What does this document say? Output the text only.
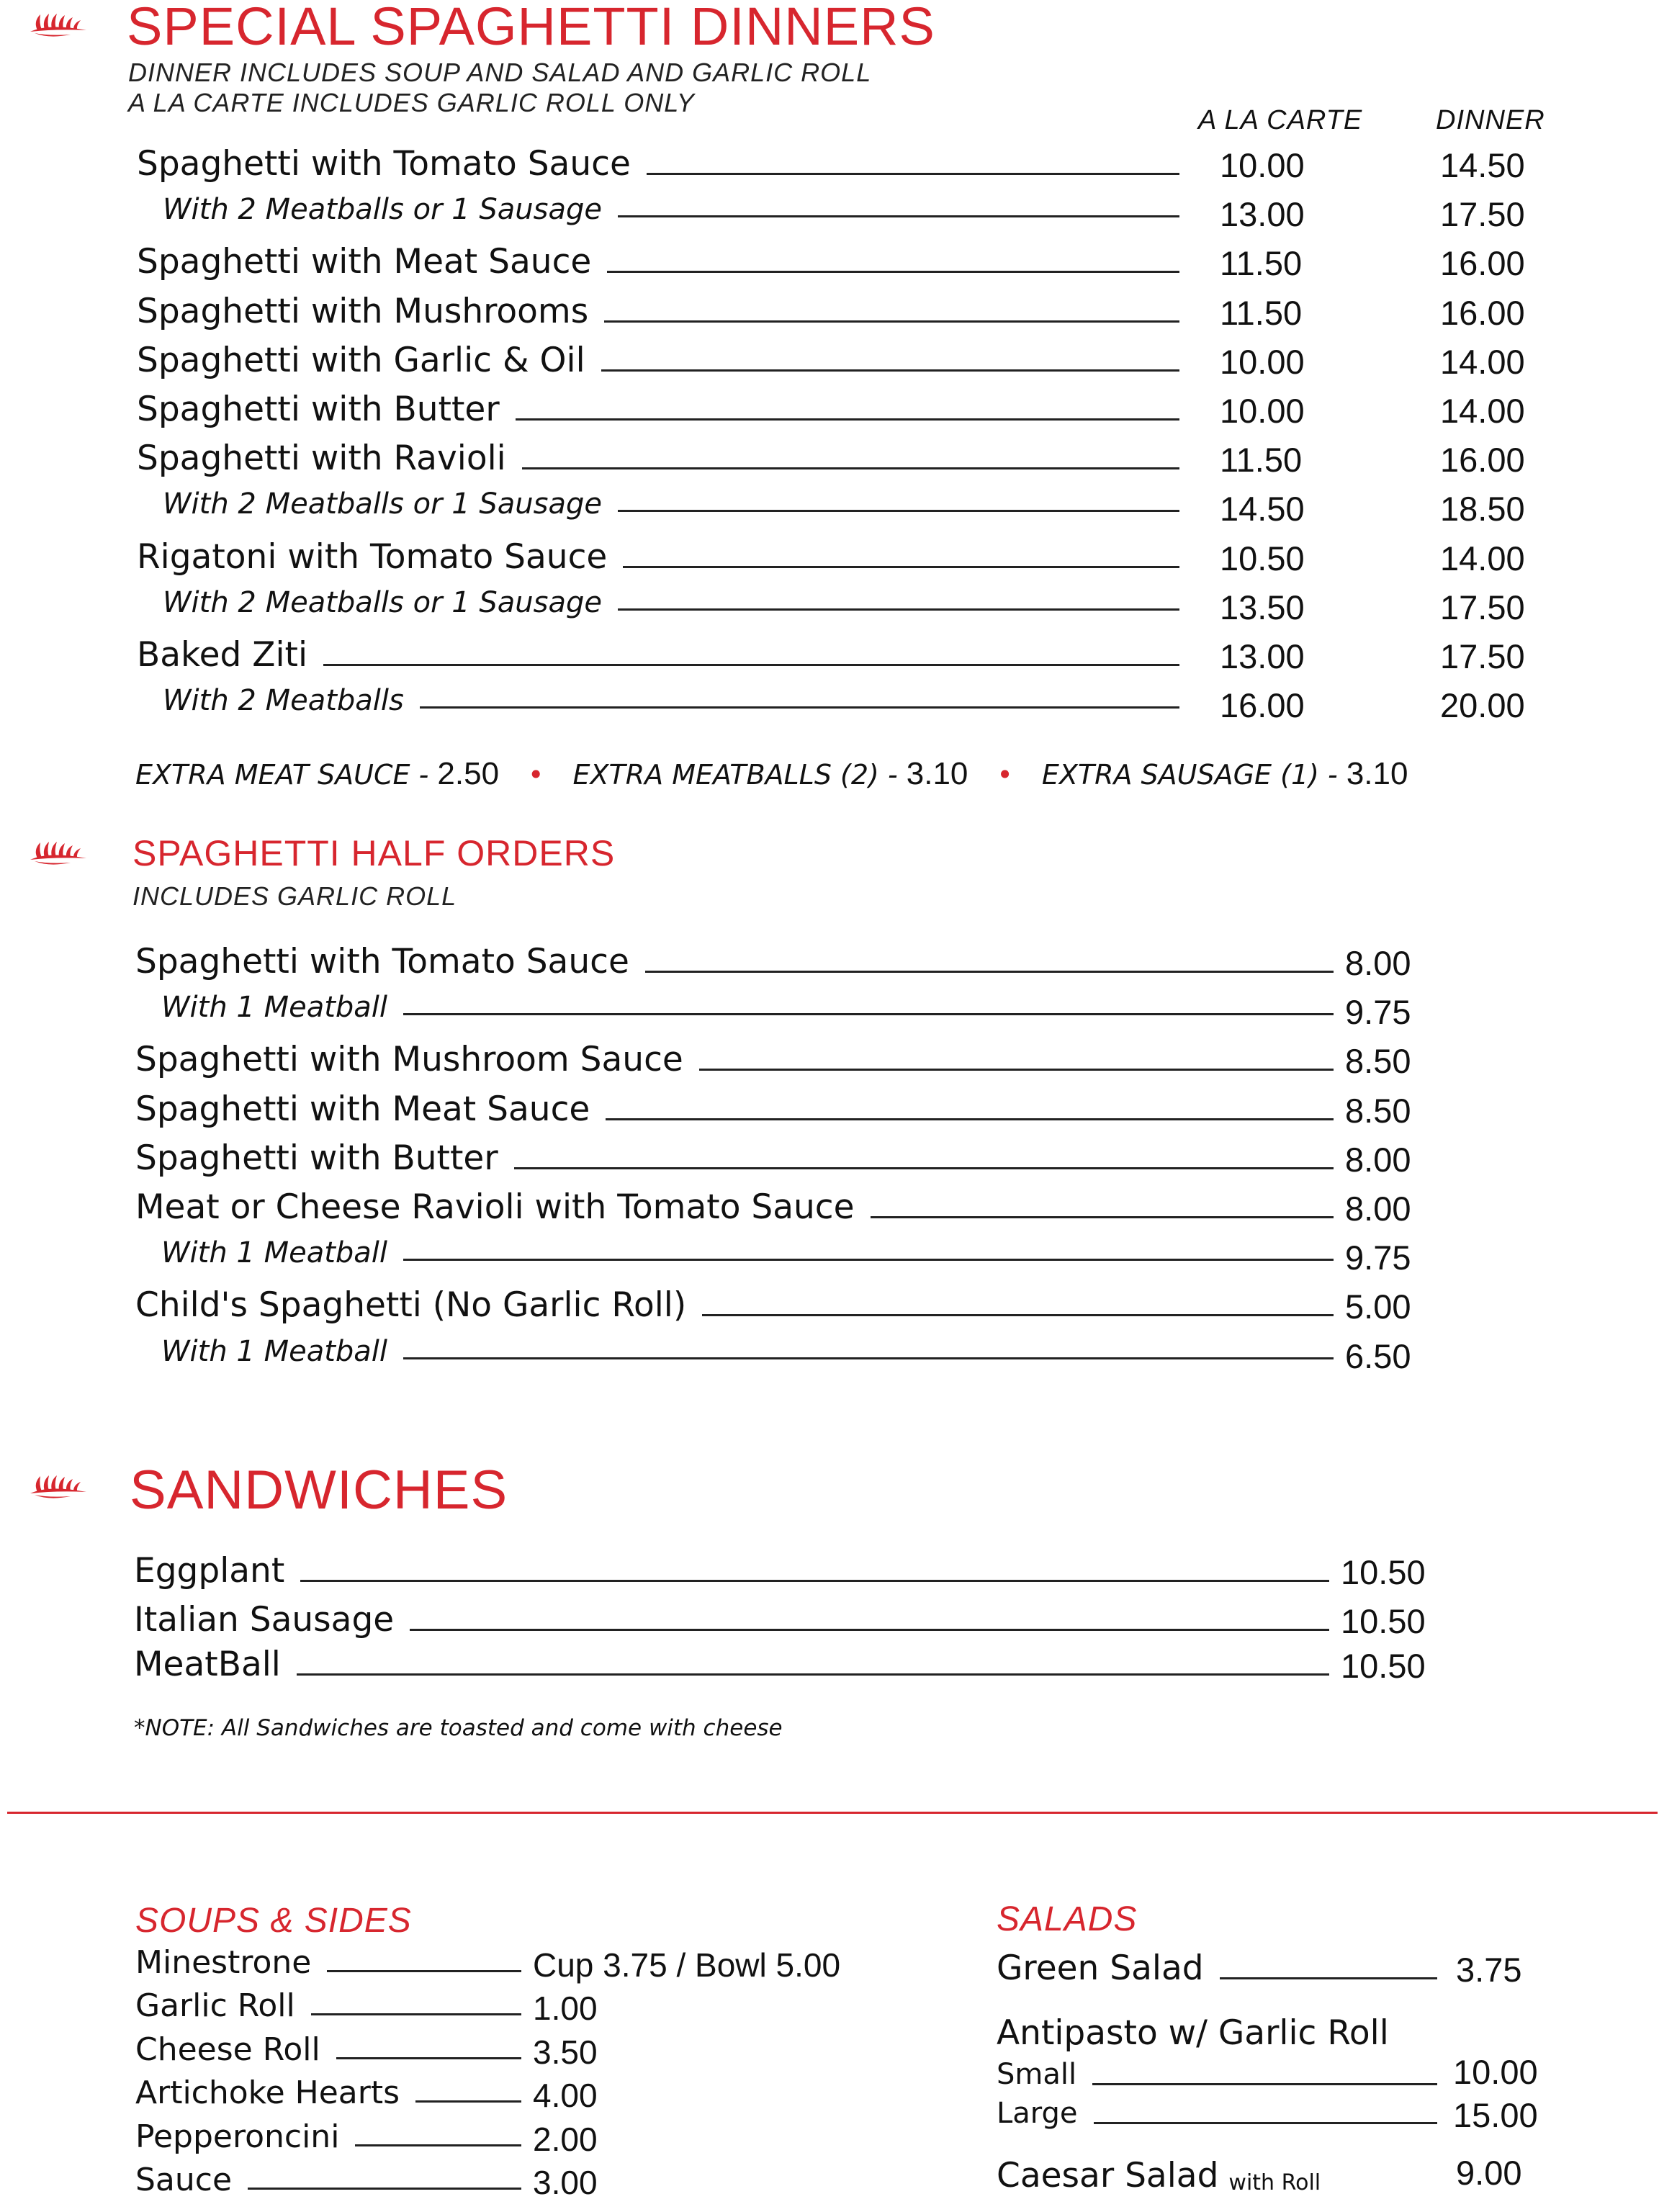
SPECIAL SPAGHETTI DINNERS
DINNER INCLUDES SOUP AND SALAD AND GARLIC ROLL
A LA CARTE INCLUDES GARLIC ROLL ONLY
A LA CARTE	DINNER
Spaghetti with Tomato Sauce	10.00	14.50
With 2 Meatballs or 1 Sausage	13.00	17.50
Spaghetti with Meat Sauce	11.50	16.00
Spaghetti with Mushrooms	11.50	16.00
Spaghetti with Garlic & Oil	10.00	14.00
Spaghetti with Butter	10.00	14.00
Spaghetti with Ravioli	11.50	16.00
With 2 Meatballs or 1 Sausage	14.50	18.50
Rigatoni with Tomato Sauce	10.50	14.00
With 2 Meatballs or 1 Sausage	13.50	17.50
Baked Ziti	13.00	17.50
With 2 Meatballs	16.00	20.00
EXTRA MEAT SAUCE - 2.50 • EXTRA MEATBALLS (2) - 3.10 • EXTRA SAUSAGE (1) - 3.10
SPAGHETTI HALF ORDERS
INCLUDES GARLIC ROLL
Spaghetti with Tomato Sauce	8.00
With 1 Meatball	9.75
Spaghetti with Mushroom Sauce	8.50
Spaghetti with Meat Sauce	8.50
Spaghetti with Butter	8.00
Meat or Cheese Ravioli with Tomato Sauce	8.00
With 1 Meatball	9.75
Child's Spaghetti (No Garlic Roll)	5.00
With 1 Meatball	6.50
SANDWICHES
Eggplant	10.50
Italian Sausage	10.50
MeatBall	10.50
*NOTE: All Sandwiches are toasted and come with cheese
SOUPS & SIDES
Minestrone	Cup 3.75 / Bowl 5.00
Garlic Roll	1.00
Cheese Roll	3.50
Artichoke Hearts	4.00
Pepperoncini	2.00
Sauce	3.00
SALADS
Green Salad	3.75
Antipasto w/ Garlic Roll
Small	10.00
Large	15.00
Caesar Salad with Roll	9.00
